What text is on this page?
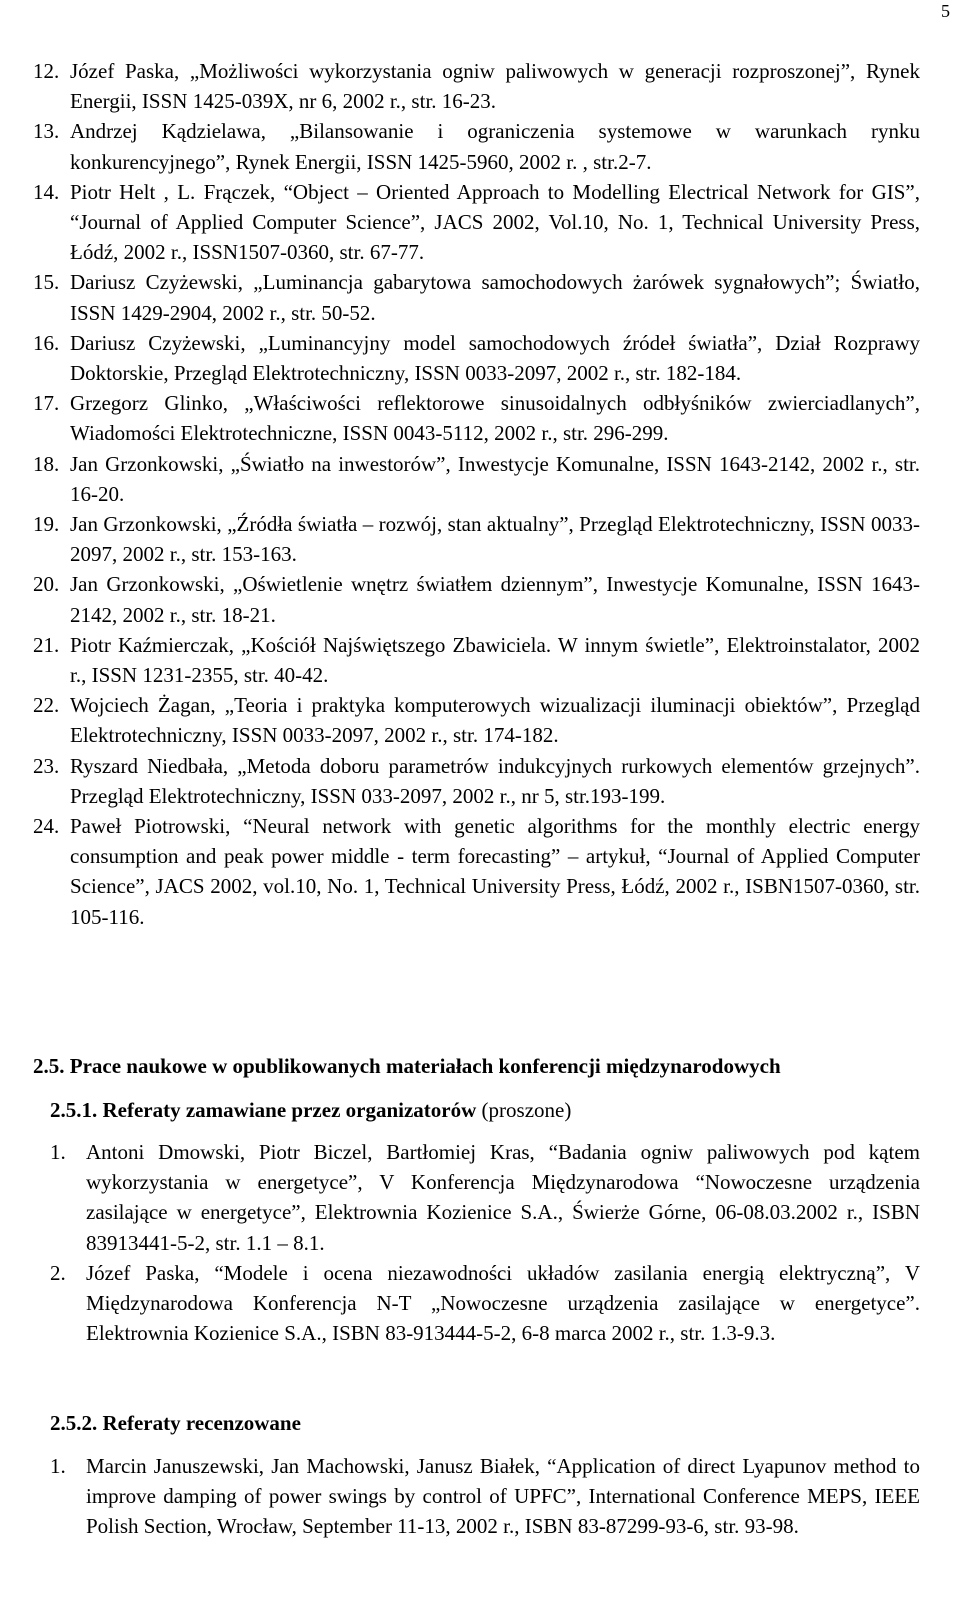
5
12. Józef Paska, „Możliwości wykorzystania ogniw paliwowych w generacji rozproszonej”, Rynek Energii, ISSN 1425-039X, nr 6, 2002 r., str. 16-23.
13. Andrzej Kądzielawa, „Bilansowanie i ograniczenia systemowe w warunkach rynku konkurencyjnego”, Rynek Energii, ISSN 1425-5960, 2002 r. , str.2-7.
14. Piotr Helt , L. Frączek, “Object – Oriented Approach to Modelling Electrical Network for GIS”, “Journal of Applied Computer Science”, JACS 2002, Vol.10, No. 1, Technical University Press, Łódź, 2002 r., ISSN1507-0360, str. 67-77.
15. Dariusz Czyżewski, „Luminancja gabarytowa samochodowych żarówek sygnałowych”; Światło, ISSN 1429-2904, 2002 r., str. 50-52.
16. Dariusz Czyżewski, „Luminancyjny model samochodowych źródeł światła”, Dział Rozprawy Doktorskie, Przegląd Elektrotechniczny, ISSN 0033-2097, 2002 r., str. 182-184.
17. Grzegorz Glinko, „Właściwości reflektorowe sinusoidalnych odbłyśników zwierciadlanych”, Wiadomości Elektrotechniczne, ISSN 0043-5112, 2002 r., str. 296-299.
18. Jan Grzonkowski, „Światło na inwestorów”, Inwestycje Komunalne, ISSN 1643-2142, 2002 r., str. 16-20.
19. Jan Grzonkowski, „Źródła światła – rozwój, stan aktualny”, Przegląd Elektrotechniczny, ISSN 0033-2097, 2002 r., str. 153-163.
20. Jan Grzonkowski, „Oświetlenie wnętrz światłem dziennym”, Inwestycje Komunalne, ISSN 1643-2142, 2002 r., str. 18-21.
21. Piotr Kaźmierczak, „Kościół Najświętszego Zbawiciela. W innym świetle”, Elektroinstalator, 2002 r., ISSN 1231-2355, str. 40-42.
22. Wojciech Żagan, „Teoria i praktyka komputerowych wizualizacji iluminacji obiektów”, Przegląd Elektrotechniczny, ISSN 0033-2097, 2002 r., str. 174-182.
23. Ryszard Niedbała, „Metoda doboru parametrów indukcyjnych rurkowych elementów grzejnych”. Przegląd Elektrotechniczny, ISSN 033-2097, 2002 r., nr 5, str.193-199.
24. Paweł Piotrowski, “Neural network with genetic algorithms for the monthly electric energy consumption and peak power middle - term forecasting” – artykuł, “Journal of Applied Computer Science”, JACS 2002, vol.10, No. 1, Technical University Press, Łódź, 2002 r., ISBN1507-0360, str. 105-116.
2.5. Prace naukowe w opublikowanych materiałach konferencji międzynarodowych
2.5.1. Referaty zamawiane przez organizatorów (proszone)
1. Antoni Dmowski, Piotr Biczel, Bartłomiej Kras, “Badania ogniw paliwowych pod kątem wykorzystania w energetyce”, V Konferencja Międzynarodowa “Nowoczesne urządzenia zasilające w energetyce”, Elektrownia Kozienice S.A., Świerże Górne, 06-08.03.2002 r., ISBN 83913441-5-2, str. 1.1 – 8.1.
2. Józef Paska, “Modele i ocena niezawodności układów zasilania energią elektryczną”, V Międzynarodowa Konferencja N-T „Nowoczesne urządzenia zasilające w energetyce”. Elektrownia Kozienice S.A., ISBN 83-913444-5-2, 6-8 marca 2002 r., str. 1.3-9.3.
2.5.2. Referaty recenzowane
1. Marcin Januszewski, Jan Machowski, Janusz Białek, “Application of direct Lyapunov method to improve damping of power swings by control of UPFC”, International Conference MEPS, IEEE Polish Section, Wrocław, September 11-13, 2002 r., ISBN 83-87299-93-6, str. 93-98.
